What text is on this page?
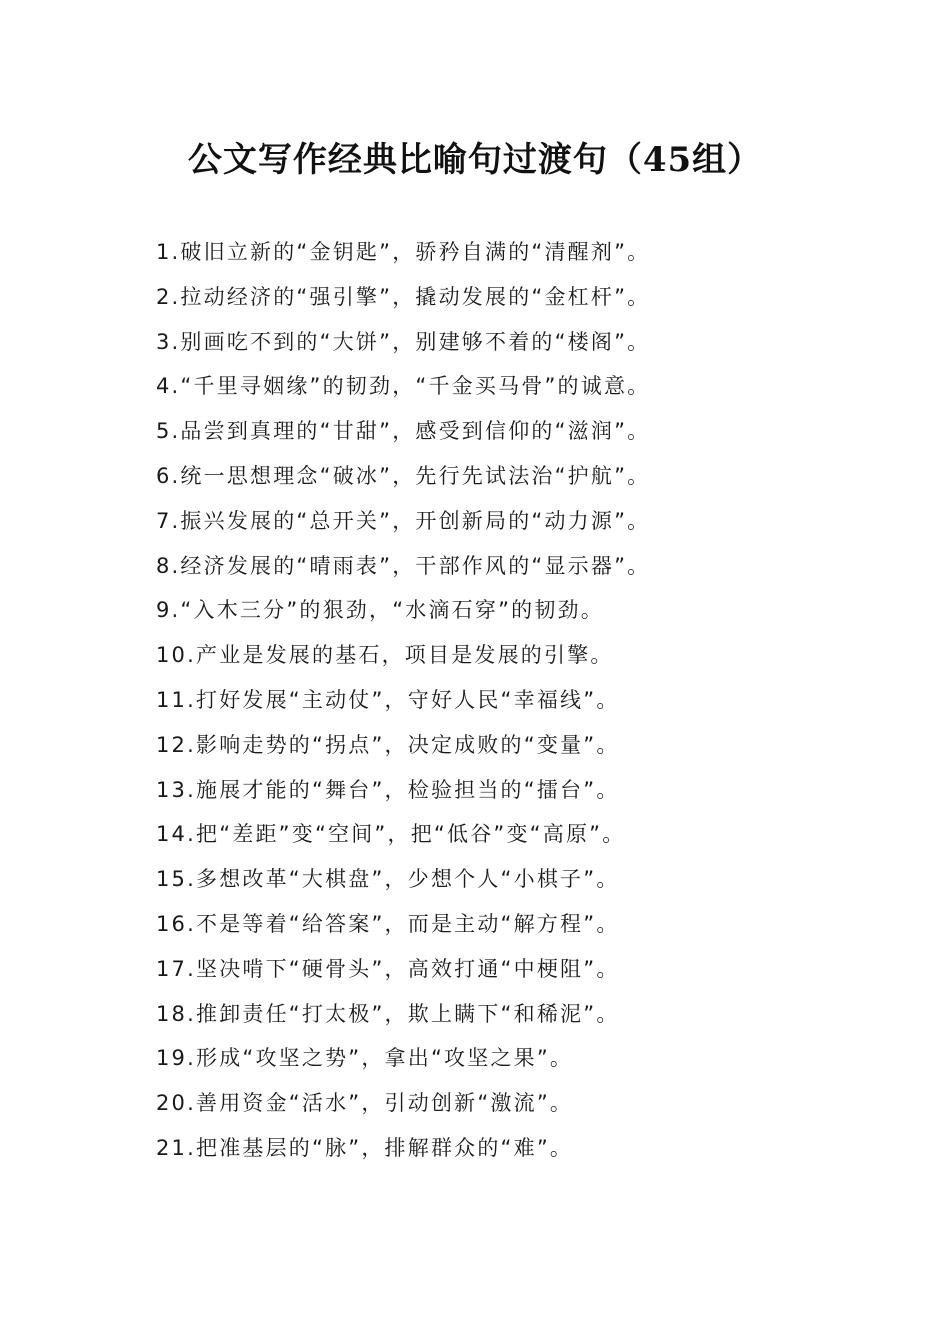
公文写作经典比喻句过渡句（45组）
1.破旧立新的“金钥匙”，骄矜自满的“清醒剂”。
2.拉动经济的“强引擎”，撬动发展的“金杠杆”。
3.别画吃不到的“大饼”，别建够不着的“楼阁”。
4.“千里寻姻缘”的韧劲，“千金买马骨”的诚意。
5.品尝到真理的“甘甜”，感受到信仰的“滋润”。
6.统一思想理念“破冰”，先行先试法治“护航”。
7.振兴发展的“总开关”，开创新局的“动力源”。
8.经济发展的“晴雨表”，干部作风的“显示器”。
9.“入木三分”的狠劲，“水滴石穿”的韧劲。
10.产业是发展的基石，项目是发展的引擎。
11.打好发展“主动仗”，守好人民“幸福线”。
12.影响走势的“拐点”，决定成败的“变量”。
13.施展才能的“舞台”，检验担当的“擂台”。
14.把“差距”变“空间”，把“低谷”变“高原”。
15.多想改革“大棋盘”，少想个人“小棋子”。
16.不是等着“给答案”，而是主动“解方程”。
17.坚决啃下“硬骨头”，高效打通“中梗阻”。
18.推卸责任“打太极”，欺上瞒下“和稀泥”。
19.形成“攻坚之势”，拿出“攻坚之果”。
20.善用资金“活水”，引动创新“激流”。
21.把准基层的“脉”，排解群众的“难”。
